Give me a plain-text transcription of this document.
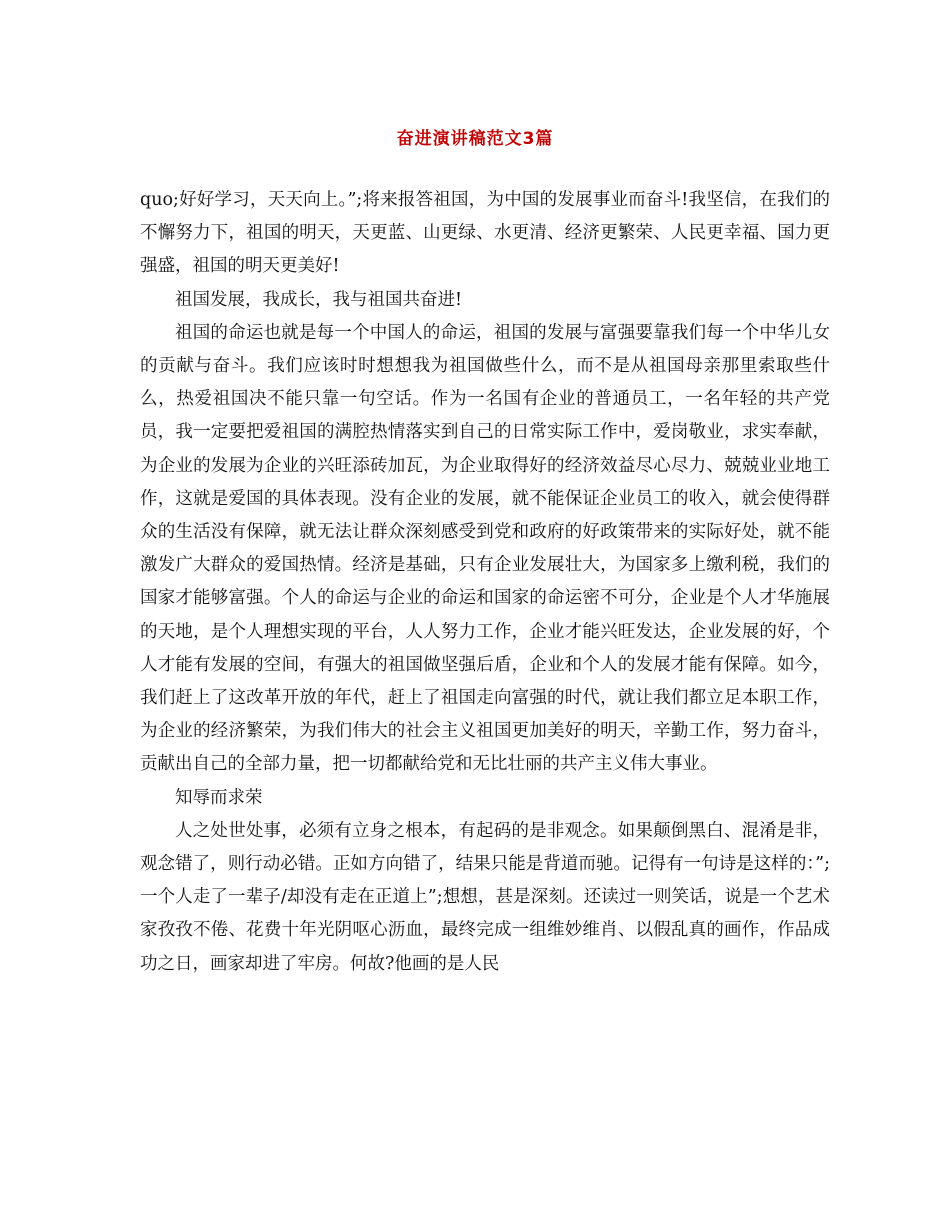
奋进演讲稿范文3篇

quo;好好学习，天天向上。”;将来报答祖国，为中国的发展事业而奋斗!我坚信，在我们的不懈努力下，祖国的明天，天更蓝、山更绿、水更清、经济更繁荣、人民更幸福、国力更强盛，祖国的明天更美好!

祖国发展，我成长，我与祖国共奋进!

祖国的命运也就是每一个中国人的命运，祖国的发展与富强要靠我们每一个中华儿女的贡献与奋斗。我们应该时时想想我为祖国做些什么，而不是从祖国母亲那里索取些什么，热爱祖国决不能只靠一句空话。作为一名国有企业的普通员工，一名年轻的共产党员，我一定要把爱祖国的满腔热情落实到自己的日常实际工作中，爱岗敬业，求实奉献，为企业的发展为企业的兴旺添砖加瓦，为企业取得好的经济效益尽心尽力、兢兢业业地工作，这就是爱国的具体表现。没有企业的发展，就不能保证企业员工的收入，就会使得群众的生活没有保障，就无法让群众深刻感受到党和政府的好政策带来的实际好处，就不能激发广大群众的爱国热情。经济是基础，只有企业发展壮大，为国家多上缴利税，我们的国家才能够富强。个人的命运与企业的命运和国家的命运密不可分，企业是个人才华施展的天地，是个人理想实现的平台，人人努力工作，企业才能兴旺发达，企业发展的好，个人才能有发展的空间，有强大的祖国做坚强后盾，企业和个人的发展才能有保障。如今，我们赶上了这改革开放的年代，赶上了祖国走向富强的时代，就让我们都立足本职工作，为企业的经济繁荣，为我们伟大的社会主义祖国更加美好的明天，辛勤工作，努力奋斗，贡献出自己的全部力量，把一切都献给党和无比壮丽的共产主义伟大事业。

知辱而求荣

人之处世处事，必须有立身之根本，有起码的是非观念。如果颠倒黑白、混淆是非，观念错了，则行动必错。正如方向错了，结果只能是背道而驰。记得有一句诗是这样的：”;一个人走了一辈子/却没有走在正道上”;想想，甚是深刻。还读过一则笑话，说是一个艺术家孜孜不倦、花费十年光阴呕心沥血，最终完成一组维妙维肖、以假乱真的画作，作品成功之日，画家却进了牢房。何故?他画的是人民
